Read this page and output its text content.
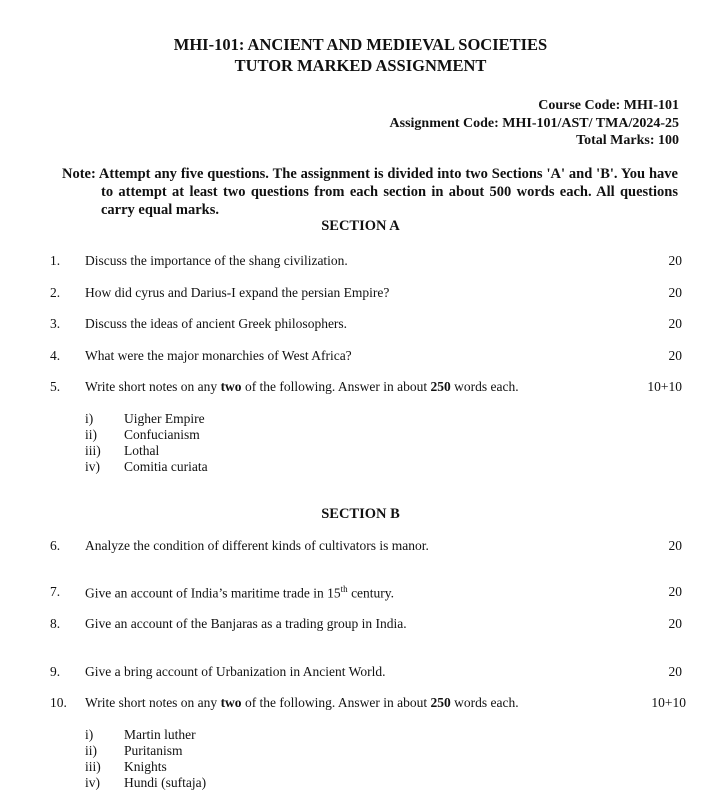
MHI-101: ANCIENT AND MEDIEVAL SOCIETIES
TUTOR MARKED ASSIGNMENT
Course Code: MHI-101
Assignment Code: MHI-101/AST/ TMA/2024-25
Total Marks: 100
Note: Attempt any five questions. The assignment is divided into two Sections 'A' and 'B'. You have to attempt at least two questions from each section in about 500 words each. All questions carry equal marks.
SECTION A
1. Discuss the importance of the shang civilization.	20
2. How did cyrus and Darius-I expand the persian Empire?	20
3. Discuss the ideas of ancient Greek philosophers.	20
4. What were the major monarchies of West Africa?	20
5. Write short notes on any two of the following. Answer in about 250 words each.	10+10
i) Uigher Empire
ii) Confucianism
iii) Lothal
iv) Comitia curiata
SECTION B
6. Analyze the condition of different kinds of cultivators is manor.	20
7. Give an account of India’s maritime trade in 15th century.	20
8. Give an account of the Banjaras as a trading group in India.	20
9. Give a bring account of Urbanization in Ancient World.	20
10. Write short notes on any two of the following. Answer in about 250 words each.	10+10
i) Martin luther
ii) Puritanism
iii) Knights
iv) Hundi (suftaja)
